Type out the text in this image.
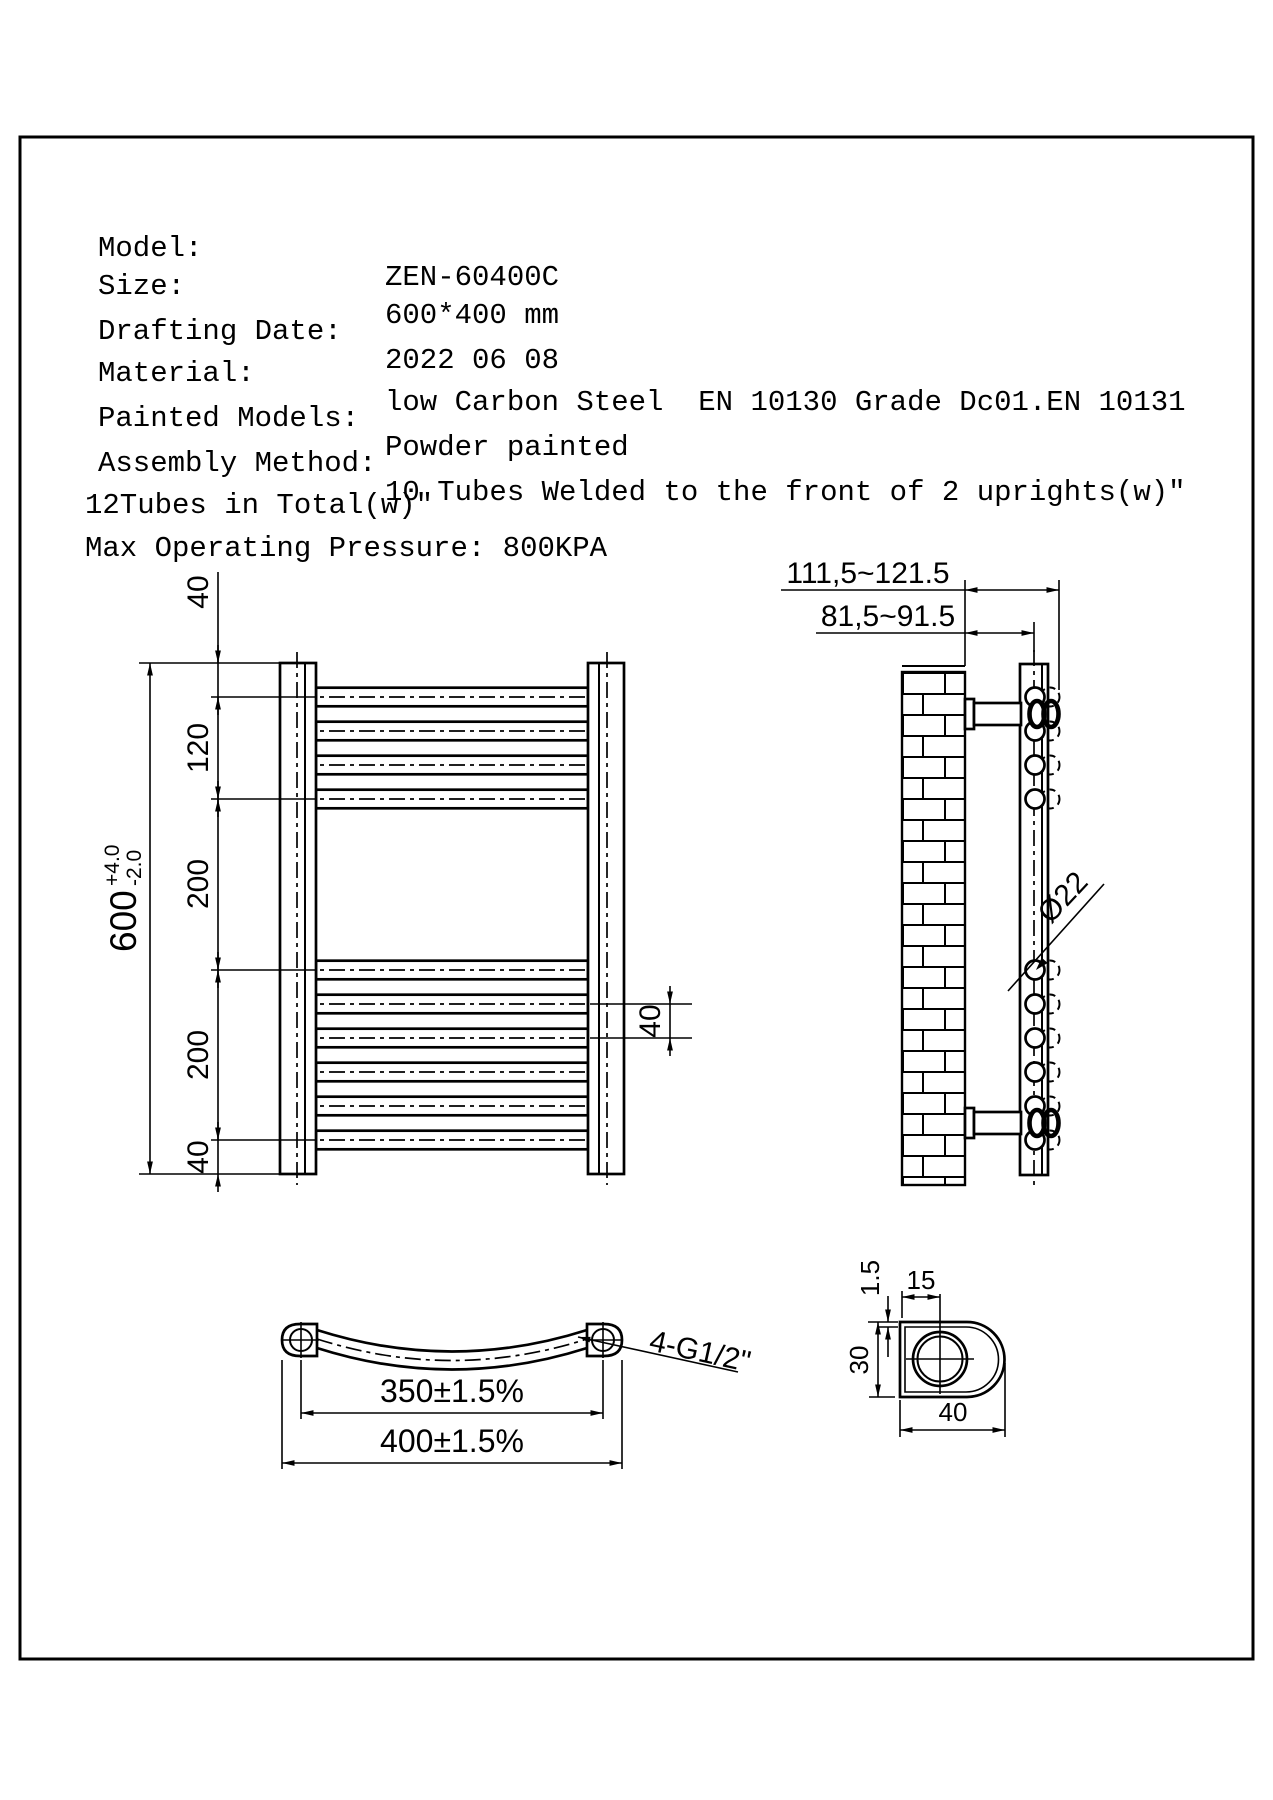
Model:

ZEN-60400C

Size:

600*400 mm

Drafting Date:

2022 06 08

Material:

low Carbon Steel  EN 10130 Grade Dc01.EN 10131

Painted Models:

Powder painted

Assembly Method:

10 Tubes Welded to the front of 2 uprights(w)″

12Tubes in Total(w)″

Max Operating Pressure: 800KPA

40
120
200
200
40
600
+4.0 -2.0
40
111,5~121.5
81,5~91.5
Ø22
350±1.5%
400±1.5%
4-G1/2"
1.5 15
30
40
